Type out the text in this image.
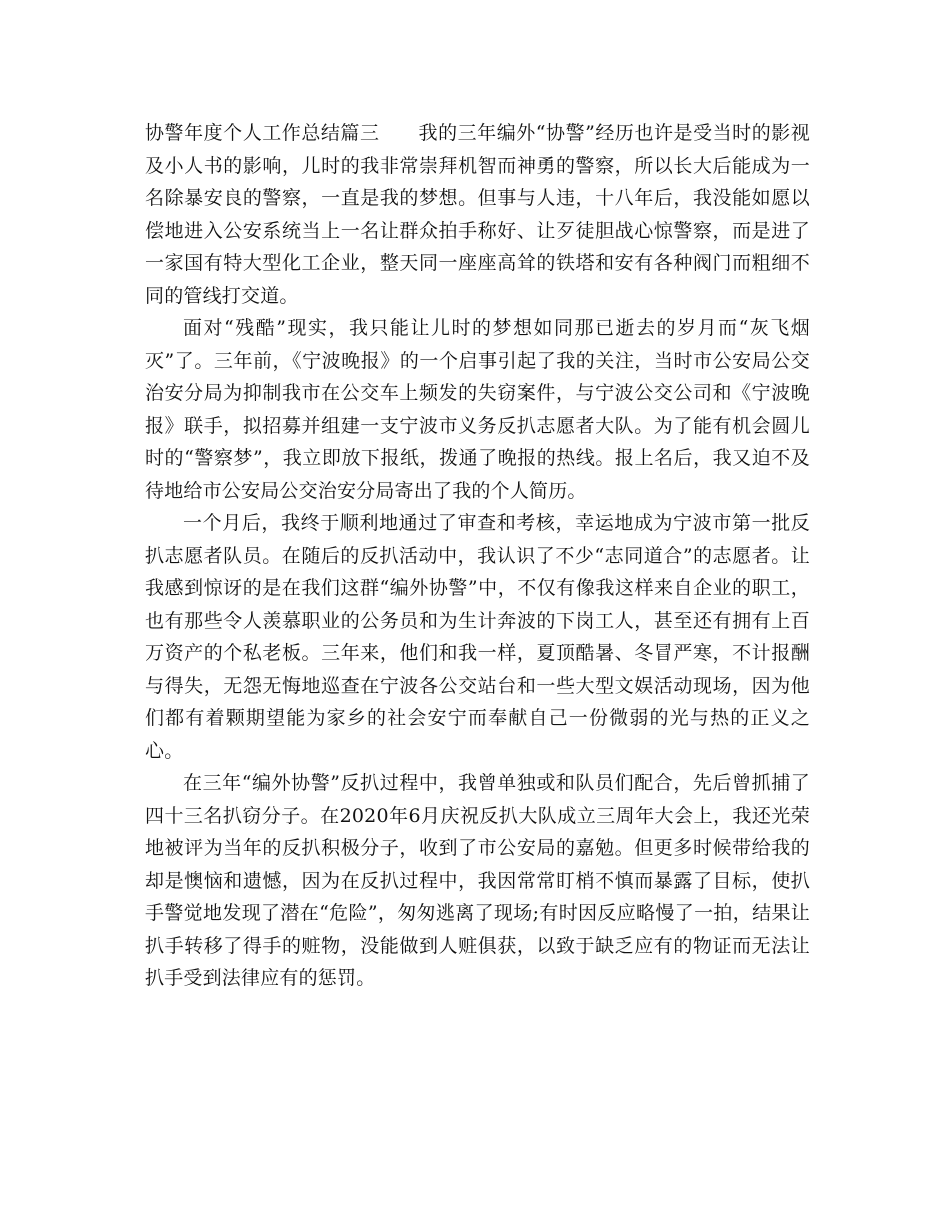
协警年度个人工作总结篇三　　我的三年编外“协警”经历也许是受当时的影视及小人书的影响，儿时的我非常崇拜机智而神勇的警察，所以长大后能成为一名除暴安良的警察，一直是我的梦想。但事与人违，十八年后，我没能如愿以偿地进入公安系统当上一名让群众拍手称好、让歹徒胆战心惊警察，而是进了一家国有特大型化工企业，整天同一座座高耸的铁塔和安有各种阀门而粗细不同的管线打交道。

面对“残酷”现实，我只能让儿时的梦想如同那已逝去的岁月而“灰飞烟灭”了。三年前，《宁波晚报》的一个启事引起了我的关注，当时市公安局公交治安分局为抑制我市在公交车上频发的失窃案件，与宁波公交公司和《宁波晚报》联手，拟招募并组建一支宁波市义务反扒志愿者大队。为了能有机会圆儿时的“警察梦”，我立即放下报纸，拨通了晚报的热线。报上名后，我又迫不及待地给市公安局公交治安分局寄出了我的个人简历。

一个月后，我终于顺利地通过了审查和考核，幸运地成为宁波市第一批反扒志愿者队员。在随后的反扒活动中，我认识了不少“志同道合”的志愿者。让我感到惊讶的是在我们这群“编外协警”中，不仅有像我这样来自企业的职工，也有那些令人羡慕职业的公务员和为生计奔波的下岗工人，甚至还有拥有上百万资产的个私老板。三年来，他们和我一样，夏顶酷暑、冬冒严寒，不计报酬与得失，无怨无悔地巡查在宁波各公交站台和一些大型文娱活动现场，因为他们都有着颗期望能为家乡的社会安宁而奉献自己一份微弱的光与热的正义之心。

在三年“编外协警”反扒过程中，我曾单独或和队员们配合，先后曾抓捕了四十三名扒窃分子。在2020年6月庆祝反扒大队成立三周年大会上，我还光荣地被评为当年的反扒积极分子，收到了市公安局的嘉勉。但更多时候带给我的却是懊恼和遗憾，因为在反扒过程中，我因常常盯梢不慎而暴露了目标，使扒手警觉地发现了潜在“危险”，匆匆逃离了现场;有时因反应略慢了一拍，结果让扒手转移了得手的赃物，没能做到人赃俱获，以致于缺乏应有的物证而无法让扒手受到法律应有的惩罚。
